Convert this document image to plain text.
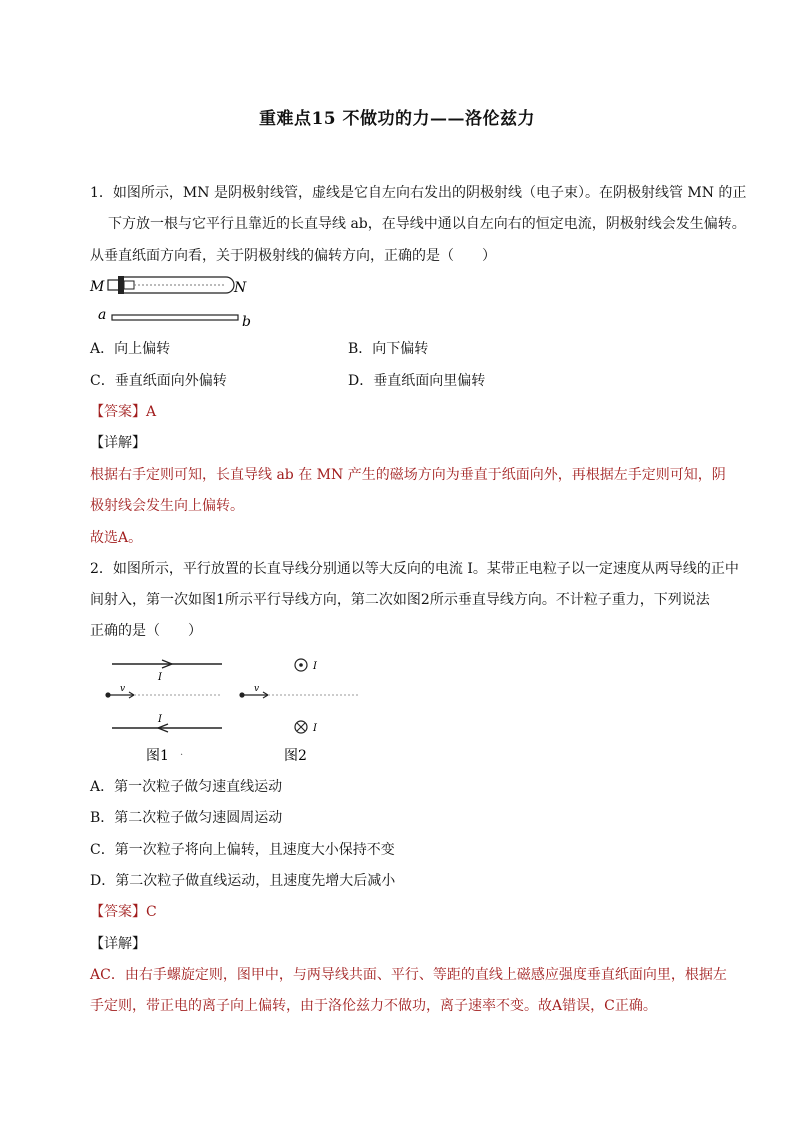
重难点15 不做功的力——洛伦兹力
1．如图所示，MN 是阴极射线管，虚线是它自左向右发出的阴极射线（电子束）。在阴极射线管 MN 的正
下方放一根与它平行且靠近的长直导线 ab，在导线中通以自左向右的恒定电流，阴极射线会发生偏转。
从垂直纸面方向看，关于阴极射线的偏转方向，正确的是（　　）
M	N
a	b
A．向上偏转	B．向下偏转
C．垂直纸面向外偏转	D．垂直纸面向里偏转
【答案】A
【详解】
根据右手定则可知，长直导线 ab 在 MN 产生的磁场方向为垂直于纸面向外，再根据左手定则可知，阴
极射线会发生向上偏转。
故选A。
2．如图所示，平行放置的长直导线分别通以等大反向的电流 I。某带正电粒子以一定速度从两导线的正中
间射入，第一次如图1所示平行导线方向，第二次如图2所示垂直导线方向。不计粒子重力，下列说法
正确的是（　　）
I
v
I
图1 ·
I
v
I
图2
A．第一次粒子做匀速直线运动
B．第二次粒子做匀速圆周运动
C．第一次粒子将向上偏转，且速度大小保持不变
D．第二次粒子做直线运动，且速度先增大后减小
【答案】C
【详解】
AC．由右手螺旋定则，图甲中，与两导线共面、平行、等距的直线上磁感应强度垂直纸面向里，根据左
手定则，带正电的离子向上偏转，由于洛伦兹力不做功，离子速率不变。故A错误，C正确。
